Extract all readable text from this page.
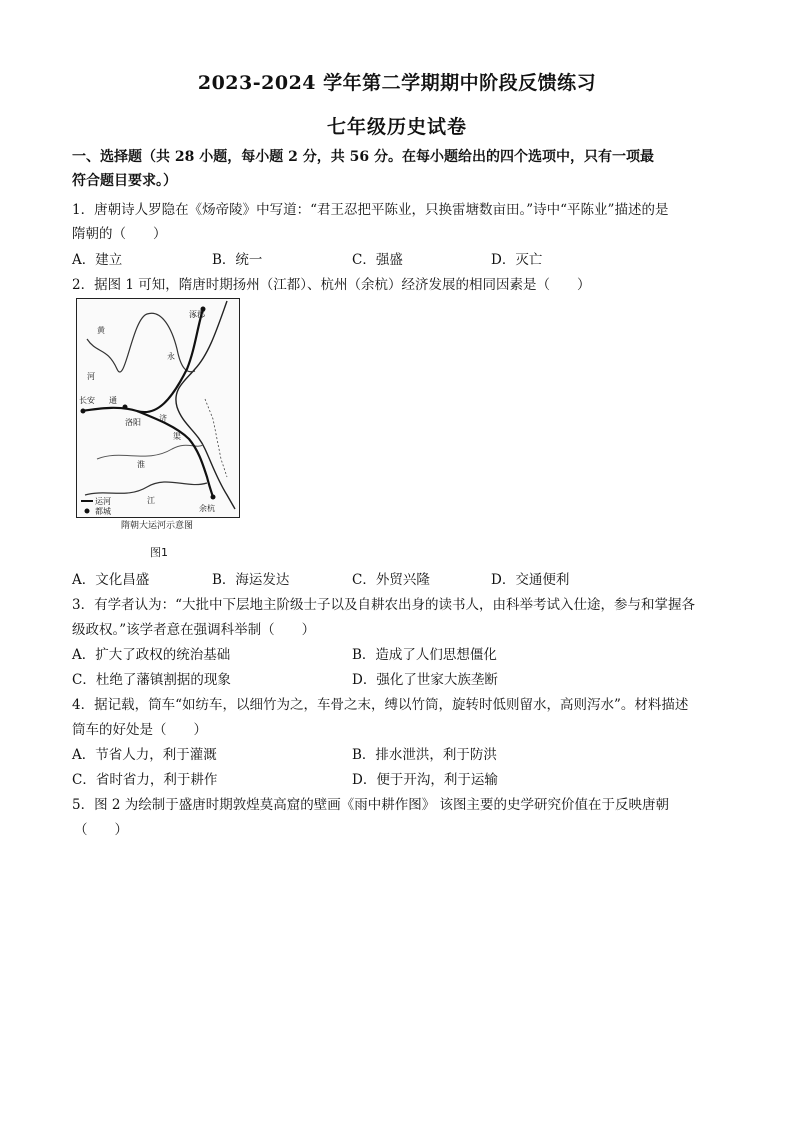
2023-2024 学年第二学期期中阶段反馈练习
七年级历史试卷
一、选择题（共 28 小题，每小题 2 分，共 56 分。在每小题给出的四个选项中，只有一项最
符合题目要求。）
1．唐朝诗人罗隐在《炀帝陵》中写道：“君王忍把平陈业，只换雷塘数亩田。”诗中“平陈业”描述的是
隋朝的（　　）
A．建立	B．统一	C．强盛	D．灭亡
2．据图 1 可知，隋唐时期扬州（江都）、杭州（余杭）经济发展的相同因素是（　　）
黄
河
长安 通
洛阳
永
济
渠
涿郡
江
余杭
淮
运河
都城
隋朝大运河示意图
图1
A．文化昌盛	B．海运发达	C．外贸兴隆	D．交通便利
3．有学者认为：“大批中下层地主阶级士子以及自耕农出身的读书人，由科举考试入仕途，参与和掌握各
级政权。”该学者意在强调科举制（　　）
A．扩大了政权的统治基础	B．造成了人们思想僵化
C．杜绝了藩镇割据的现象	D．强化了世家大族垄断
4．据记载，筒车“如纺车，以细竹为之，车骨之末，缚以竹筒，旋转时低则留水，高则泻水”。材料描述
筒车的好处是（　　）
A．节省人力，利于灌溉	B．排水泄洪，利于防洪
C．省时省力，利于耕作	D．便于开沟，利于运输
5．图 2 为绘制于盛唐时期敦煌莫高窟的壁画《雨中耕作图》 该图主要的史学研究价值在于反映唐朝
（　　）
